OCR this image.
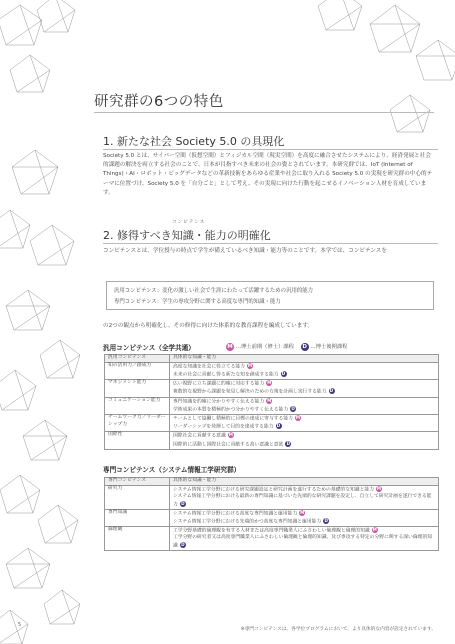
研究群の6つの特色
1. 新たな社会 Society 5.0 の具現化
Society 5.0 とは、サイバー空間（仮想空間）とフィジカル空間（現実空間）を高度に融合させたシステムにより、経済発展と社会的課題の解決を両立する社会のことで、日本が目指すべき未来の社会の姿とされています。本研究群では、IoT (Internet of Things)・AI・ロボット・ビッグデータなどの革新技術をあらゆる産業や社会に取り入れる Society 5.0 の実現を研究群の中心的テーマに位置づけ、Society 5.0 を「自分ごと」として考え、その実現に向けた行動を起こせるイノベーション人材を育成しています。
コンピテンス
2. 修得すべき知識・能力の明確化
コンピテンスとは、学位授与の時点で学生が備えているべき知識・能力等のことです。本学では、コンピテンスを
汎用コンピテンス：変化の激しい社会で生涯にわたって活躍するための汎用的能力
専門コンピテンス：学生の専攻分野に関する高度な専門的知識・能力
の2つの観点から明確化し、その修得に向けた体系的な教育課程を編成しています。
汎用コンピテンス（全学共通）	M …博士前期（修士）課程 D …博士後期課程
汎用コンピテンス	具体的な知識・能力
知の活用力／創成力	高度な知識を社会に役立てる能力 M
未来の社会に貢献し得る新たな知を創成する能力 D

マネジメント能力	広い視野に立ち課題に的確に対応する能力 M
複数的な視野から課題を発見し解決のための方策を計画し実行する能力 D

コミュニケーション能力	専門知識を的確に分かりやすく伝える能力 M
学術成果の本質を積極的かつ分かりやすく伝える能力 D

チームワーク力／リーダーシップ力	チームとして協働し積極的に目標の達成に寄与する能力 M
リーダーシップを発揮して目的を達成する能力 D

国際性	国際社会に貢献する意識 M
国際的に活動し国際社会に貢献する高い意識と意欲 D
専門コンピテンス（システム情報工学研究群）
専門コンピテンス	具体的な知識・能力
研究力	システム情報工学分野における研究課題設定と研究計画を遂行するための基礎的な知識と能力 M
システム情報工学分野における最新の専門知識に基づいた先端的な研究課題を設定し、自立して研究計画を遂行できる能力 D

専門知識	システム情報工学分野における高度な専門知識と運用能力 M
システム情報工学分野における先端的かつ高度な専門知識と運用能力 D

倫理観	工学分野基礎的倫理観を有する人材または高度専門職業人にふさわしい倫理観と倫理的知識 M
工学分野の研究者又は高度専門職業人にふさわしい倫理観と倫理的知識、及び専攻する特定の分野に関する深い倫理的知識 D
※専門コンピテンスは、各学位プログラムにおいて、より具体的な内容が設定されています。
5
